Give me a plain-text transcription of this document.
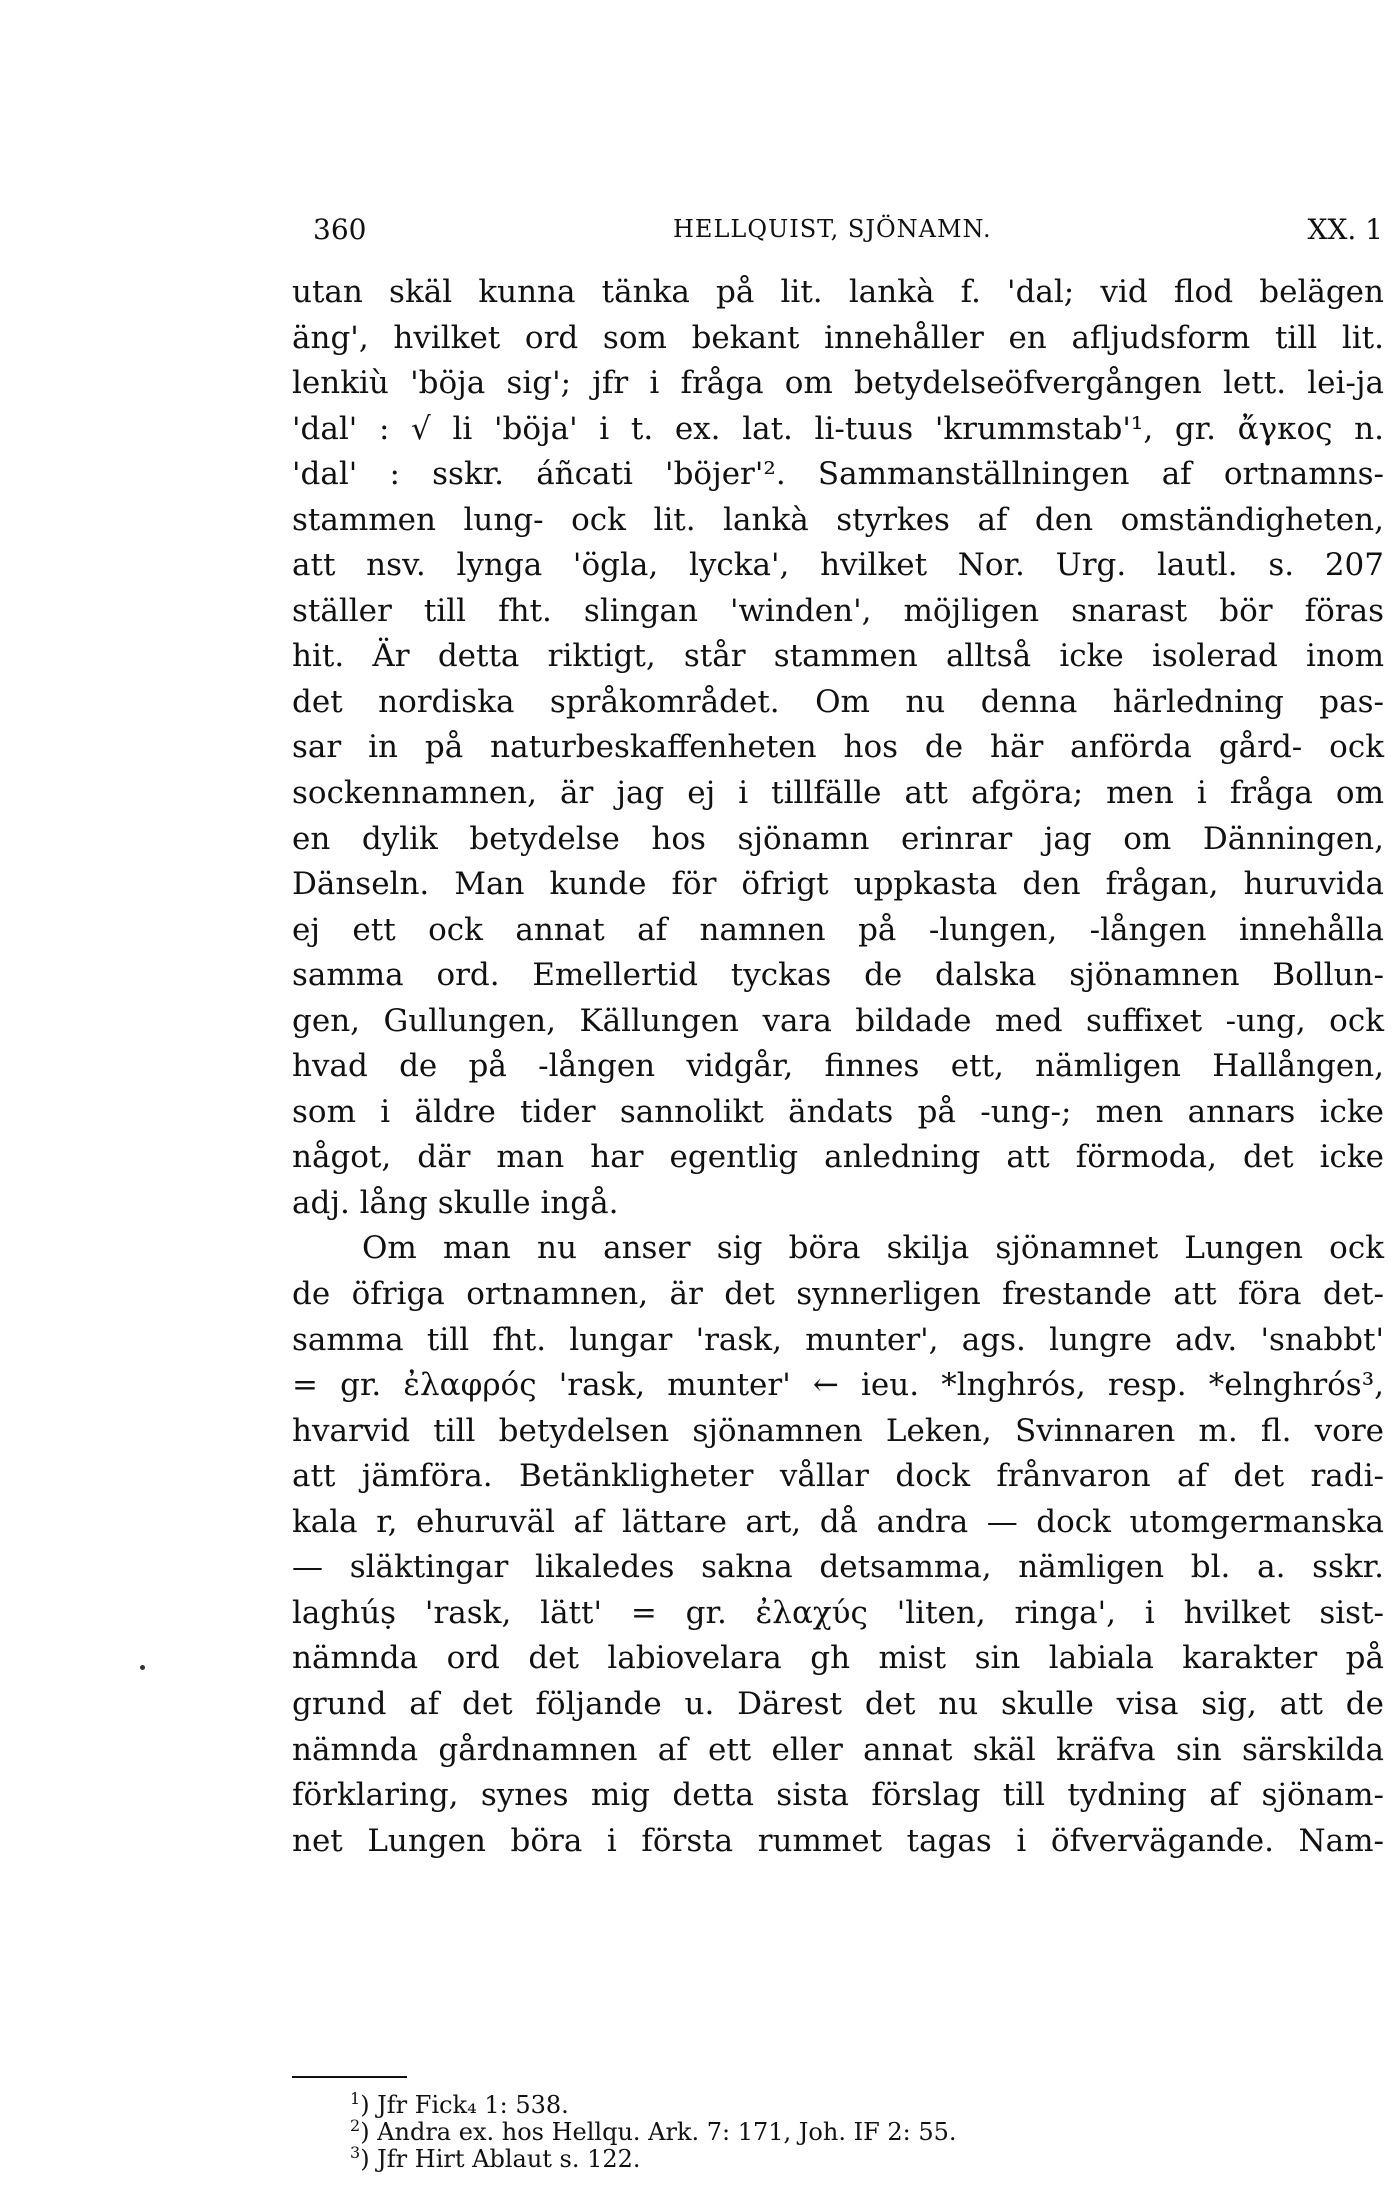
360	HELLQUIST, SJÖNAMN.	XX. 1
utan skäl kunna tänka på lit. lankà f. 'dal; vid flod belägen
äng', hvilket ord som bekant innehåller en afljudsform till lit.
lenkiù 'böja sig'; jfr i fråga om betydelseöfvergången lett. lei-ja
'dal' : √ li 'böja' i t. ex. lat. li-tuus 'krummstab'¹, gr. ἄγκος n.
'dal' : sskr. áñcati 'böjer'². Sammanställningen af ortnamns-
stammen lung- ock lit. lankà styrkes af den omständigheten,
att nsv. lynga 'ögla, lycka', hvilket Nor. Urg. lautl. s. 207
ställer till fht. slingan 'winden', möjligen snarast bör föras
hit. Är detta riktigt, står stammen alltså icke isolerad inom
det nordiska språkområdet. Om nu denna härledning pas-
sar in på naturbeskaffenheten hos de här anförda gård- ock
sockennamnen, är jag ej i tillfälle att afgöra; men i fråga om
en dylik betydelse hos sjönamn erinrar jag om Dänningen,
Dänseln. Man kunde för öfrigt uppkasta den frågan, huruvida
ej ett ock annat af namnen på -lungen, -lången innehålla
samma ord. Emellertid tyckas de dalska sjönamnen Bollun-
gen, Gullungen, Källungen vara bildade med suffixet -ung, ock
hvad de på -lången vidgår, finnes ett, nämligen Hallången,
som i äldre tider sannolikt ändats på -ung-; men annars icke
något, där man har egentlig anledning att förmoda, det icke
adj. lång skulle ingå.
Om man nu anser sig böra skilja sjönamnet Lungen ock
de öfriga ortnamnen, är det synnerligen frestande att föra det-
samma till fht. lungar 'rask, munter', ags. lungre adv. 'snabbt'
= gr. ἐλαφρός 'rask, munter' ← ieu. *lnghrós, resp. *elnghrós³,
hvarvid till betydelsen sjönamnen Leken, Svinnaren m. fl. vore
att jämföra. Betänkligheter vållar dock frånvaron af det radi-
kala r, ehuruväl af lättare art, då andra — dock utomgermanska
— släktingar likaledes sakna detsamma, nämligen bl. a. sskr.
laghúṣ 'rask, lätt' = gr. ἐλαχύς 'liten, ringa', i hvilket sist-
nämnda ord det labiovelara gh mist sin labiala karakter på
grund af det följande u. Därest det nu skulle visa sig, att de
nämnda gårdnamnen af ett eller annat skäl kräfva sin särskilda
förklaring, synes mig detta sista förslag till tydning af sjönam-
net Lungen böra i första rummet tagas i öfvervägande. Nam-
$^1$) Jfr Fick₄ 1: 538.
$^2$) Andra ex. hos Hellqu. Ark. 7: 171, Joh. IF 2: 55.
$^3$) Jfr Hirt Ablaut s. 122.
